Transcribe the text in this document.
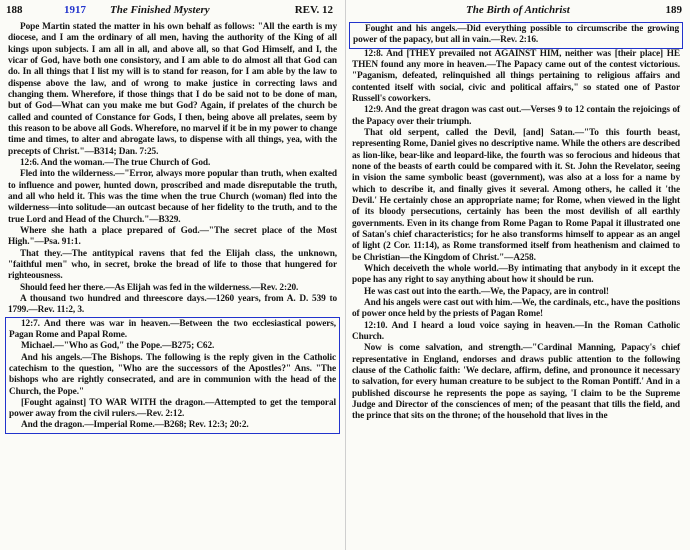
188	1917 The Finished Mystery	REV. 12

Pope Martin stated the matter in his own behalf as follows: "All the earth is my diocese, and I am the ordinary of all men, having the authority of the King of all kings upon subjects. I am all in all, and above all, so that God Himself, and I, the vicar of God, have both one consistory, and I am able to do almost all that God can do. In all things that I list my will is to stand for reason, for I am able by the law to dispense above the law, and of wrong to make justice in correcting laws and changing them. Wherefore, if those things that I do be said not to be done of man, but of God—What can you make me but God? Again, if prelates of the church be called and counted of Constance for Gods, I then, being above all prelates, seem by this reason to be above all Gods. Wherefore, no marvel if it be in my power to change time and times, to alter and abrogate laws, to dispense with all things, yea, with the precepts of Christ."—B314; Dan. 7:25.

12:6. And the woman.—The true Church of God.

Fled into the wilderness.—"Error, always more popular than truth, when exalted to influence and power, hunted down, proscribed and made disreputable the truth, and all who held it. This was the time when the true Church (woman) fled into the wilderness—into solitude—an outcast because of her fidelity to the truth, and to the true Lord and Head of the Church."—B329.

Where she hath a place prepared of God.—"The secret place of the Most High."—Psa. 91:1.

That they.—The antitypical ravens that fed the Elijah class, the unknown, "faithful men" who, in secret, broke the bread of life to those that hungered for righteousness.

Should feed her there.—As Elijah was fed in the wilderness.—Rev. 2:20.

A thousand two hundred and threescore days.—1260 years, from A. D. 539 to 1799.—Rev. 11:2, 3.

12:7. And there was war in heaven.—Between the two ecclesiastical powers, Pagan Rome and Papal Rome.

Michael.—"Who as God," the Pope.—B275; C62.

And his angels.—The Bishops. The following is the reply given in the Catholic catechism to the question, "Who are the successors of the Apostles?" Ans. "The bishops who are rightly consecrated, and are in communion with the head of the Church, the Pope."

[Fought against] TO WAR WITH the dragon.—Attempted to get the temporal power away from the civil rulers.—Rev. 2:12.

And the dragon.—Imperial Rome.—B268; Rev. 12:3; 20:2.

The Birth of Antichrist	189

Fought and his angels.—Did everything possible to circumscribe the growing power of the papacy, but all in vain.—Rev. 2:16.

12:8. And [THEY prevailed not AGAINST HIM, neither was [their place] HE THEN found any more in heaven.—The Papacy came out of the contest victorious. "Paganism, defeated, relinquished all things pertaining to religious affairs and contented itself with social, civic and political affairs," so stated one of Pastor Russell's coworkers.

12:9. And the great dragon was cast out.—Verses 9 to 12 contain the rejoicings of the Papacy over their triumph.

That old serpent, called the Devil, [and] Satan.—"To this fourth beast, representing Rome, Daniel gives no descriptive name. While the others are described as lion-like, bear-like and leopard-like, the fourth was so ferocious and hideous that none of the beasts of earth could be compared with it. St. John the Revelator, seeing in vision the same symbolic beast (government), was also at a loss for a name by which to describe it, and finally gives it several. Among others, he called it 'the Devil.' He certainly chose an appropriate name; for Rome, when viewed in the light of its bloody persecutions, certainly has been the most devilish of all earthly governments. Even in its change from Rome Pagan to Rome Papal it illustrated one of Satan's chief characteristics; for he also transforms himself to appear as an angel of light (2 Cor. 11:14), as Rome transformed itself from heathenism and claimed to be Christian—the Kingdom of Christ."—A258.

Which deceiveth the whole world.—By intimating that anybody in it except the pope has any right to say anything about how it should be run.

He was cast out into the earth.—We, the Papacy, are in control!

And his angels were cast out with him.—We, the cardinals, etc., have the positions of power once held by the priests of Pagan Rome!

12:10. And I heard a loud voice saying in heaven.—In the Roman Catholic Church.

Now is come salvation, and strength.—"Cardinal Manning, Papacy's chief representative in England, endorses and draws public attention to the following clause of the Catholic faith: 'We declare, affirm, define, and pronounce it necessary to salvation, for every human creature to be subject to the Roman Pontiff.' And in a published discourse he represents the pope as saying, 'I claim to be the Supreme Judge and Director of the consciences of men; of the peasant that tills the field, and the prince that sits on the throne; of the household that lives in the
